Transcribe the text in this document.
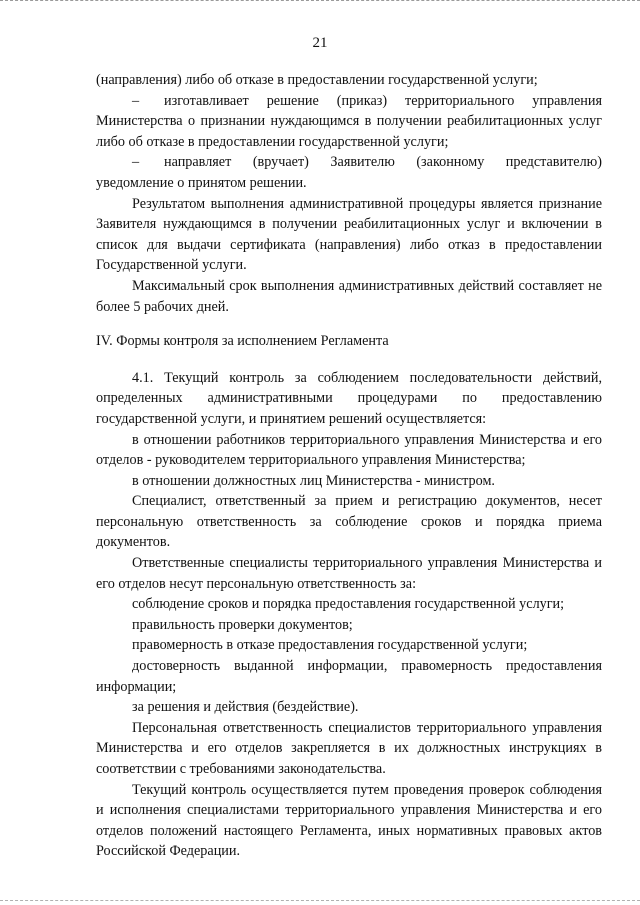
21

(направления) либо об отказе в предоставлении государственной услуги;

– изготавливает решение (приказ) территориального управления Министерства о признании нуждающимся в получении реабилитационных услуг либо об отказе в предоставлении государственной услуги;

– направляет (вручает) Заявителю (законному представителю) уведомление о принятом решении.

Результатом выполнения административной процедуры является признание Заявителя нуждающимся в получении реабилитационных услуг и включении в список для выдачи сертификата (направления) либо отказ в предоставлении Государственной услуги.

Максимальный срок выполнения административных действий составляет не более 5 рабочих дней.

IV. Формы контроля за исполнением Регламента

4.1. Текущий контроль за соблюдением последовательности действий, определенных административными процедурами по предоставлению государственной услуги, и принятием решений осуществляется:

в отношении работников территориального управления Министерства и его отделов - руководителем территориального управления Министерства;

в отношении должностных лиц Министерства - министром.

Специалист, ответственный за прием и регистрацию документов, несет персональную ответственность за соблюдение сроков и порядка приема документов.

Ответственные специалисты территориального управления Министерства и его отделов несут персональную ответственность за:

соблюдение сроков и порядка предоставления государственной услуги;

правильность проверки документов;

правомерность в отказе предоставления государственной услуги;

достоверность выданной информации, правомерность предоставления информации;

за решения и действия (бездействие).

Персональная ответственность специалистов территориального управления Министерства и его отделов закрепляется в их должностных инструкциях в соответствии с требованиями законодательства.

Текущий контроль осуществляется путем проведения проверок соблюдения и исполнения специалистами территориального управления Министерства и его отделов положений настоящего Регламента, иных нормативных правовых актов Российской Федерации.
